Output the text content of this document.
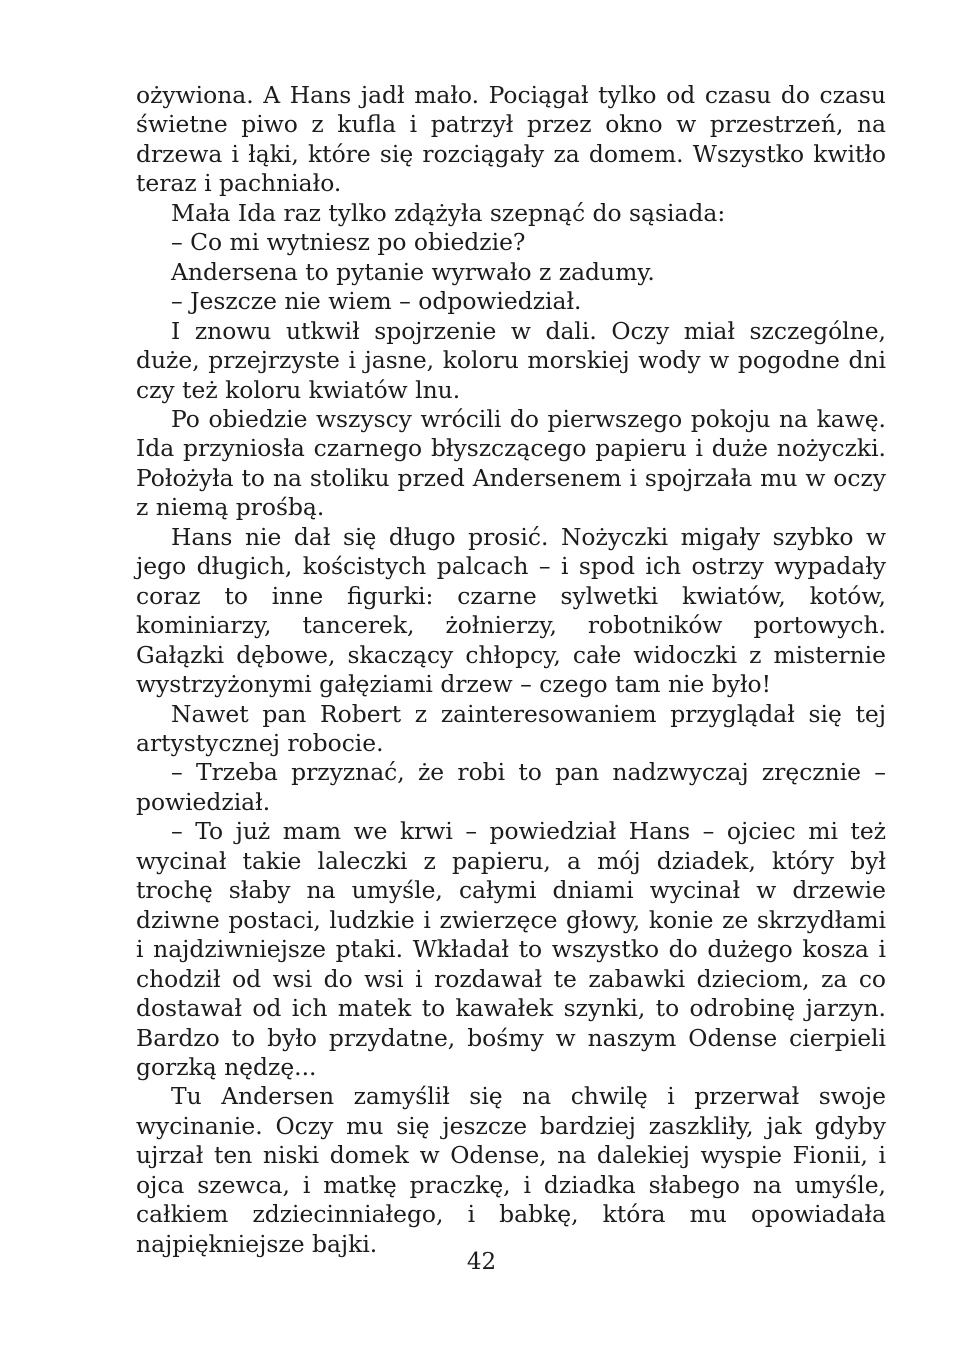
ożywiona. A Hans jadł mało. Pociągał tylko od czasu do czasu świetne piwo z kufla i patrzył przez okno w przestrzeń, na drzewa i łąki, które się rozciągały za domem. Wszystko kwitło teraz i pachniało.

Mała Ida raz tylko zdążyła szepnąć do sąsiada:

– Co mi wytniesz po obiedzie?

Andersena to pytanie wyrwało z zadumy.

– Jeszcze nie wiem – odpowiedział.

I znowu utkwił spojrzenie w dali. Oczy miał szczególne, duże, przejrzyste i jasne, koloru morskiej wody w pogodne dni czy też koloru kwiatów lnu.

Po obiedzie wszyscy wrócili do pierwszego pokoju na kawę. Ida przyniosła czarnego błyszczącego papieru i duże nożyczki. Położyła to na stoliku przed Andersenem i spojrzała mu w oczy z niemą prośbą.

Hans nie dał się długo prosić. Nożyczki migały szybko w jego długich, kościstych palcach – i spod ich ostrzy wypadały coraz to inne figurki: czarne sylwetki kwiatów, kotów, kominiarzy, tancerek, żołnierzy, robotników portowych. Gałązki dębowe, skaczący chłopcy, całe widoczki z misternie wystrzyżonymi gałęziami drzew – czego tam nie było!

Nawet pan Robert z zainteresowaniem przyglądał się tej artystycznej robocie.

– Trzeba przyznać, że robi to pan nadzwyczaj zręcznie – powiedział.

– To już mam we krwi – powiedział Hans – ojciec mi też wycinał takie laleczki z papieru, a mój dziadek, który był trochę słaby na umyśle, całymi dniami wycinał w drzewie dziwne postaci, ludzkie i zwierzęce głowy, konie ze skrzydłami i najdziwniejsze ptaki. Wkładał to wszystko do dużego kosza i chodził od wsi do wsi i rozdawał te zabawki dzieciom, za co dostawał od ich matek to kawałek szynki, to odrobinę jarzyn. Bardzo to było przydatne, bośmy w naszym Odense cierpieli gorzką nędzę...

Tu Andersen zamyślił się na chwilę i przerwał swoje wycinanie. Oczy mu się jeszcze bardziej zaszkliły, jak gdyby ujrzał ten niski domek w Odense, na dalekiej wyspie Fionii, i ojca szewca, i matkę praczkę, i dziadka słabego na umyśle, całkiem zdziecinniałego, i babkę, która mu opowiadała najpiękniejsze bajki.

42
